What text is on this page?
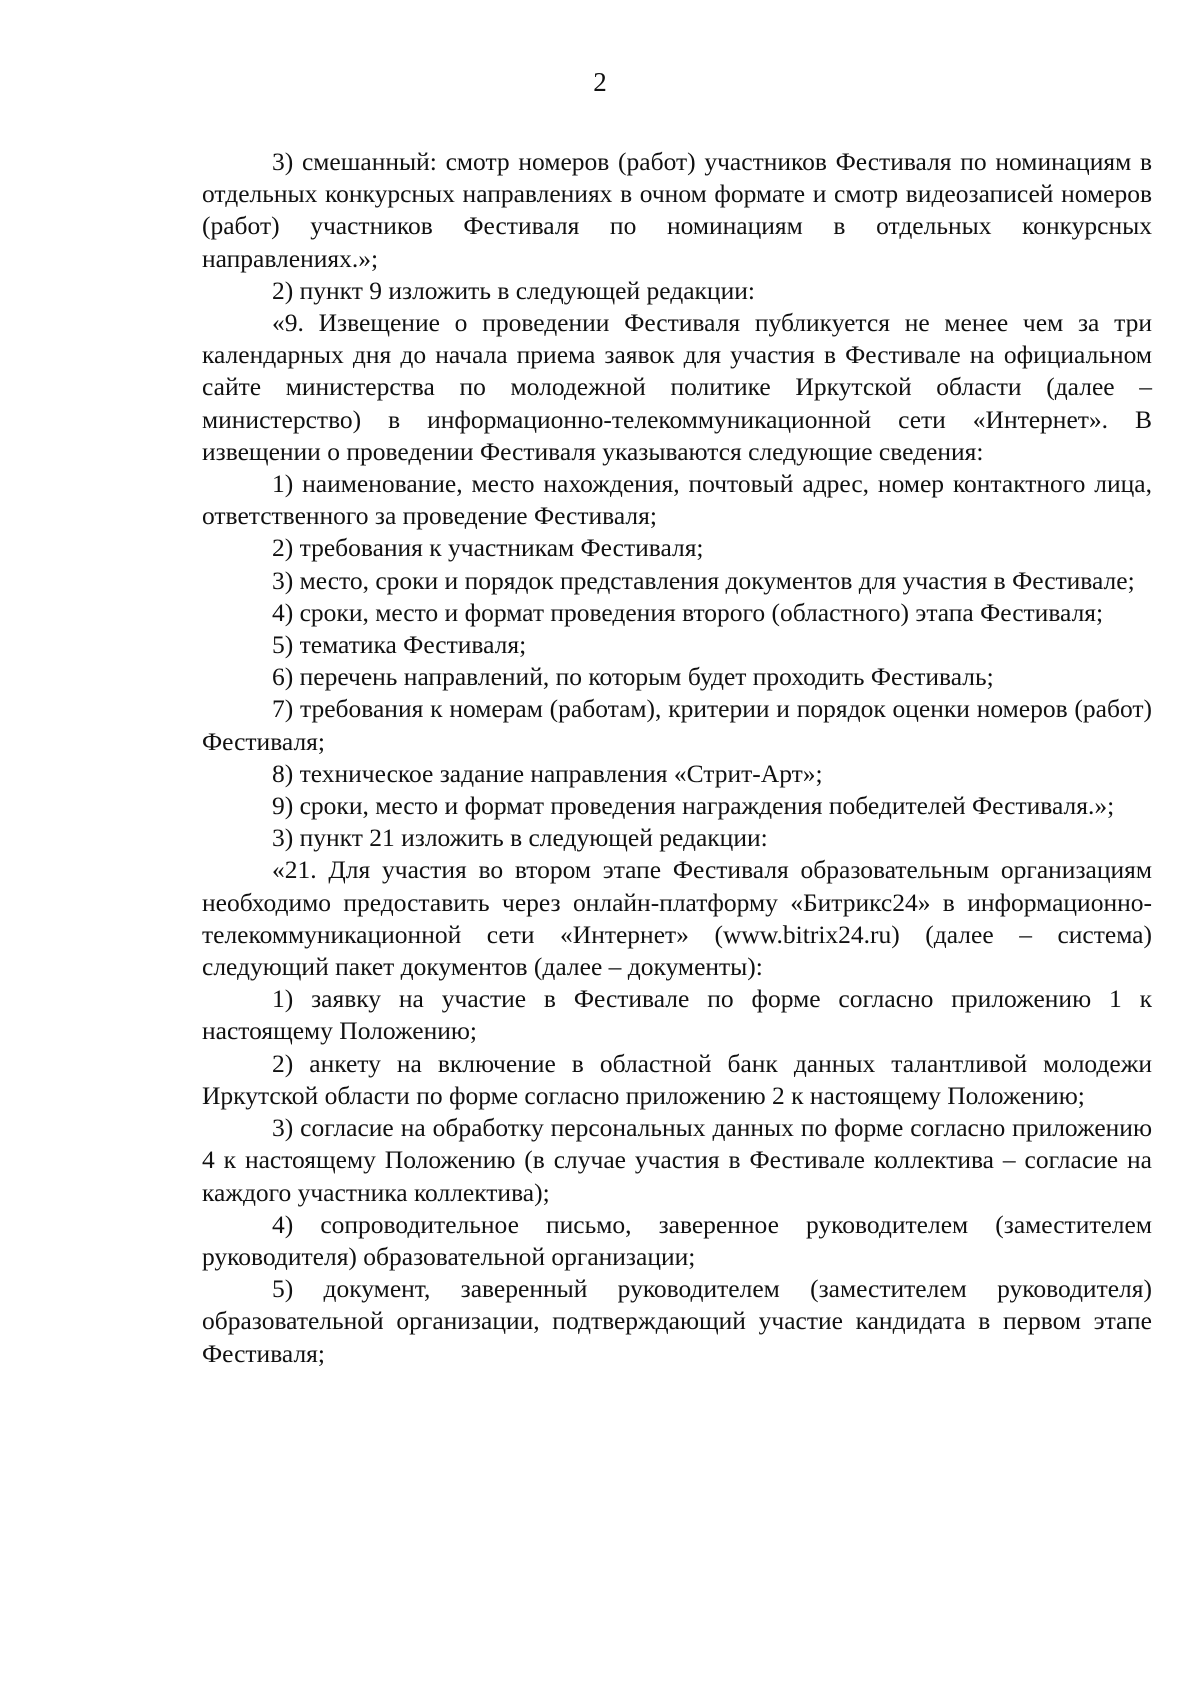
2

3) смешанный: смотр номеров (работ) участников Фестиваля по номинациям в отдельных конкурсных направлениях в очном формате и смотр видеозаписей номеров (работ) участников Фестиваля по номинациям в отдельных конкурсных направлениях.»;

2) пункт 9 изложить в следующей редакции:

«9. Извещение о проведении Фестиваля публикуется не менее чем за три календарных дня до начала приема заявок для участия в Фестивале на официальном сайте министерства по молодежной политике Иркутской области (далее – министерство) в информационно-телекоммуникационной сети «Интернет». В извещении о проведении Фестиваля указываются следующие сведения:

1) наименование, место нахождения, почтовый адрес, номер контактного лица, ответственного за проведение Фестиваля;

2) требования к участникам Фестиваля;

3) место, сроки и порядок представления документов для участия в Фестивале;

4) сроки, место и формат проведения второго (областного) этапа Фестиваля;

5) тематика Фестиваля;

6) перечень направлений, по которым будет проходить Фестиваль;

7) требования к номерам (работам), критерии и порядок оценки номеров (работ) Фестиваля;

8) техническое задание направления «Стрит-Арт»;

9) сроки, место и формат проведения награждения победителей Фестиваля.»;

3) пункт 21 изложить в следующей редакции:

«21. Для участия во втором этапе Фестиваля образовательным организациям необходимо предоставить через онлайн-платформу «Битрикс24» в информационно-телекоммуникационной сети «Интернет» (www.bitrix24.ru) (далее – система) следующий пакет документов (далее – документы):

1) заявку на участие в Фестивале по форме согласно приложению 1 к настоящему Положению;

2) анкету на включение в областной банк данных талантливой молодежи Иркутской области по форме согласно приложению 2 к настоящему Положению;

3) согласие на обработку персональных данных по форме согласно приложению 4 к настоящему Положению (в случае участия в Фестивале коллектива – согласие на каждого участника коллектива);

4) сопроводительное письмо, заверенное руководителем (заместителем руководителя) образовательной организации;

5) документ, заверенный руководителем (заместителем руководителя) образовательной организации, подтверждающий участие кандидата в первом этапе Фестиваля;
